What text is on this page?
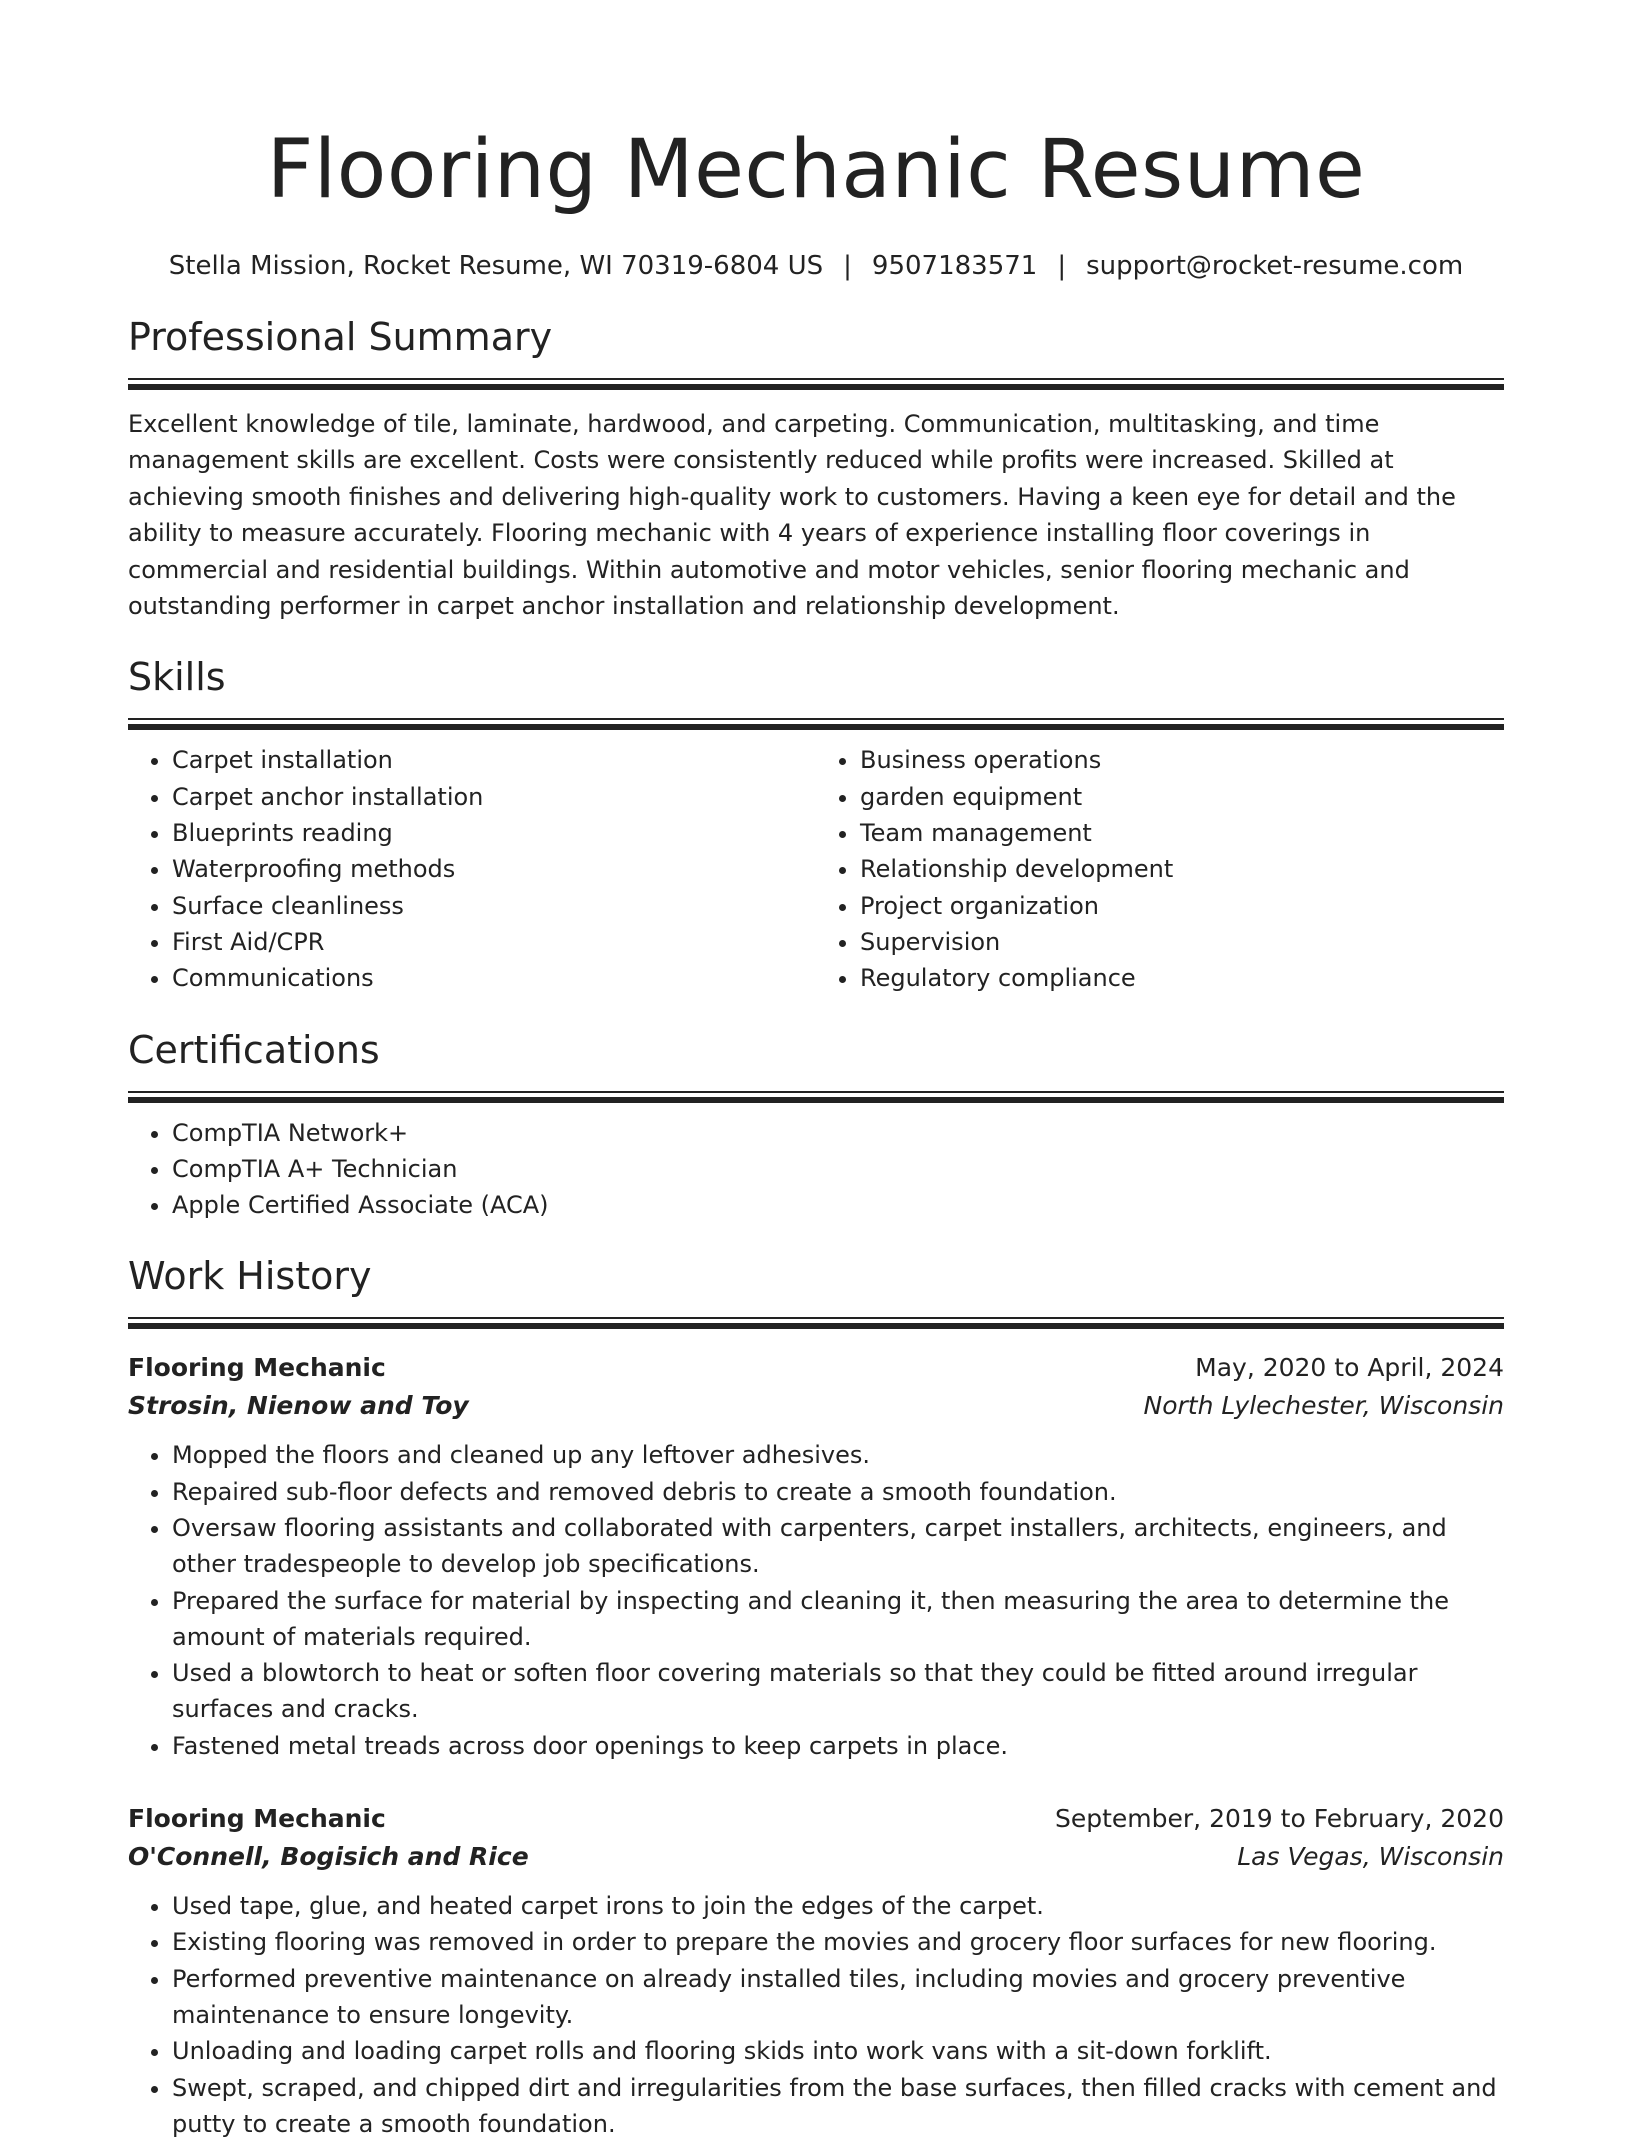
Flooring Mechanic Resume
Stella Mission, Rocket Resume, WI 70319-6804 US | 9507183571 | support@rocket-resume.com
Professional Summary

Excellent knowledge of tile, laminate, hardwood, and carpeting. Communication, multitasking, and time management skills are excellent. Costs were consistently reduced while profits were increased. Skilled at achieving smooth finishes and delivering high-quality work to customers. Having a keen eye for detail and the ability to measure accurately. Flooring mechanic with 4 years of experience installing floor coverings in commercial and residential buildings. Within automotive and motor vehicles, senior flooring mechanic and outstanding performer in carpet anchor installation and relationship development.

Skills
• Carpet installation
• Carpet anchor installation
• Blueprints reading
• Waterproofing methods
• Surface cleanliness
• First Aid/CPR
• Communications
• Business operations
• garden equipment
• Team management
• Relationship development
• Project organization
• Supervision
• Regulatory compliance
Certifications
• CompTIA Network+
• CompTIA A+ Technician
• Apple Certified Associate (ACA)
Work History
Flooring Mechanic	May, 2020 to April, 2024
Strosin, Nienow and Toy	North Lylechester, Wisconsin
• Mopped the floors and cleaned up any leftover adhesives.
• Repaired sub-floor defects and removed debris to create a smooth foundation.
• Oversaw flooring assistants and collaborated with carpenters, carpet installers, architects, engineers, and other tradespeople to develop job specifications.
• Prepared the surface for material by inspecting and cleaning it, then measuring the area to determine the amount of materials required.
• Used a blowtorch to heat or soften floor covering materials so that they could be fitted around irregular surfaces and cracks.
• Fastened metal treads across door openings to keep carpets in place.
Flooring Mechanic	September, 2019 to February, 2020
O'Connell, Bogisich and Rice	Las Vegas, Wisconsin
• Used tape, glue, and heated carpet irons to join the edges of the carpet.
• Existing flooring was removed in order to prepare the movies and grocery floor surfaces for new flooring.
• Performed preventive maintenance on already installed tiles, including movies and grocery preventive maintenance to ensure longevity.
• Unloading and loading carpet rolls and flooring skids into work vans with a sit-down forklift.
• Swept, scraped, and chipped dirt and irregularities from the base surfaces, then filled cracks with cement and putty to create a smooth foundation.
